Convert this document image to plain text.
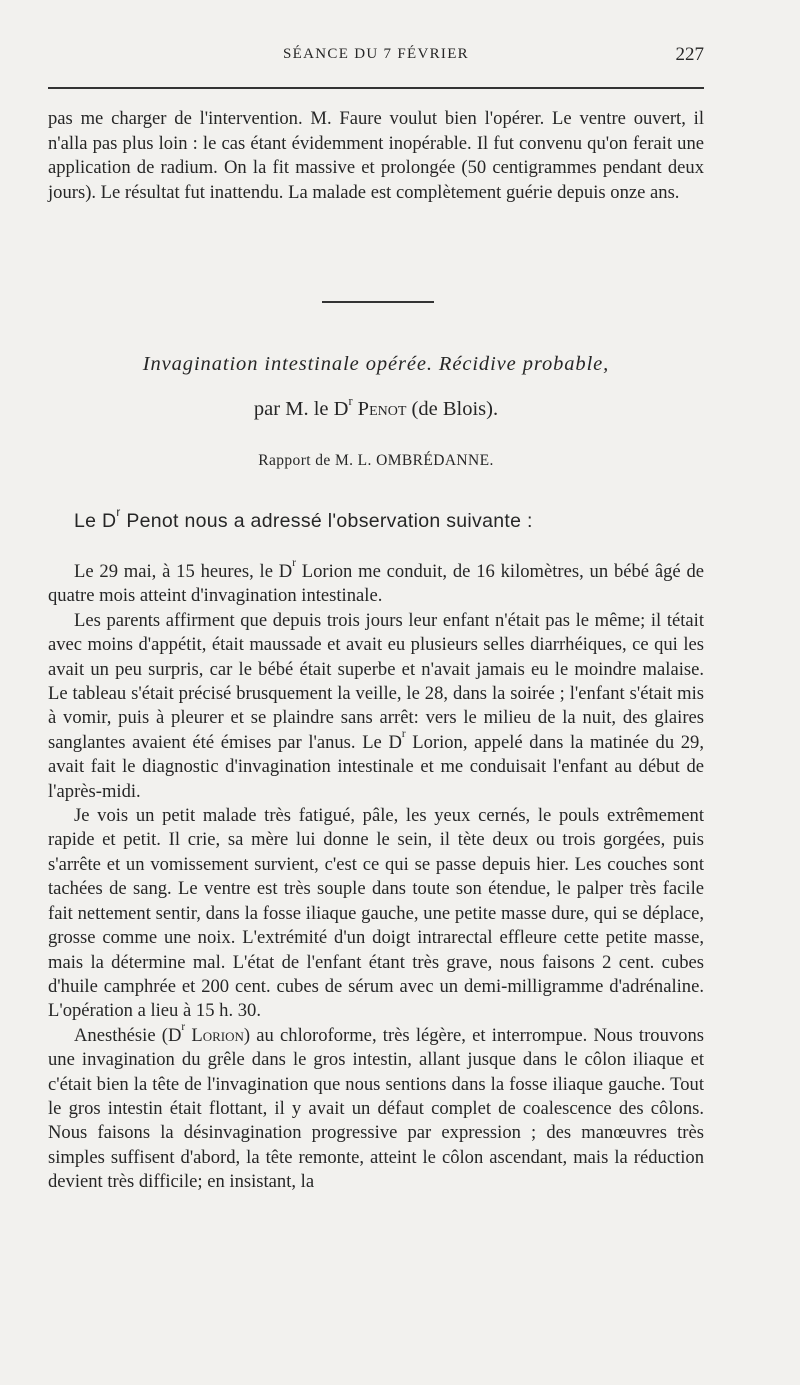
SÉANCE DU 7 FÉVRIER	227

pas me charger de l'intervention. M. Faure voulut bien l'opérer. Le ventre ouvert, il n'alla pas plus loin : le cas étant évidemment inopérable. Il fut convenu qu'on ferait une application de radium. On la fit massive et prolongée (50 centigrammes pendant deux jours). Le résultat fut inattendu. La malade est complètement guérie depuis onze ans.

Invagination intestinale opérée. Récidive probable,
par M. le $D^r$ Penot (de Blois).
Rapport de M. L. OMBRÉDANNE.
Le $D^r$ Penot nous a adressé l'observation suivante :

Le 29 mai, à 15 heures, le $D^r$ Lorion me conduit, de 16 kilomètres, un bébé âgé de quatre mois atteint d'invagination intestinale.

Les parents affirment que depuis trois jours leur enfant n'était pas le même; il tétait avec moins d'appétit, était maussade et avait eu plusieurs selles diarrhéiques, ce qui les avait un peu surpris, car le bébé était superbe et n'avait jamais eu le moindre malaise. Le tableau s'était précisé brusquement la veille, le 28, dans la soirée ; l'enfant s'était mis à vomir, puis à pleurer et se plaindre sans arrêt: vers le milieu de la nuit, des glaires sanglantes avaient été émises par l'anus. Le $D^r$ Lorion, appelé dans la matinée du 29, avait fait le diagnostic d'invagination intestinale et me conduisait l'enfant au début de l'après-midi.

Je vois un petit malade très fatigué, pâle, les yeux cernés, le pouls extrêmement rapide et petit. Il crie, sa mère lui donne le sein, il tète deux ou trois gorgées, puis s'arrête et un vomissement survient, c'est ce qui se passe depuis hier. Les couches sont tachées de sang. Le ventre est très souple dans toute son étendue, le palper très facile fait nettement sentir, dans la fosse iliaque gauche, une petite masse dure, qui se déplace, grosse comme une noix. L'extrémité d'un doigt intrarectal effleure cette petite masse, mais la détermine mal. L'état de l'enfant étant très grave, nous faisons 2 cent. cubes d'huile camphrée et 200 cent. cubes de sérum avec un demi-milligramme d'adrénaline. L'opération a lieu à 15 h. 30.

Anesthésie ($D^r$ Lorion) au chloroforme, très légère, et interrompue. Nous trouvons une invagination du grêle dans le gros intestin, allant jusque dans le côlon iliaque et c'était bien la tête de l'invagination que nous sentions dans la fosse iliaque gauche. Tout le gros intestin était flottant, il y avait un défaut complet de coalescence des côlons. Nous faisons la désinvagination progressive par expression ; des manœuvres très simples suffisent d'abord, la tête remonte, atteint le côlon ascendant, mais la réduction devient très difficile; en insistant, la
